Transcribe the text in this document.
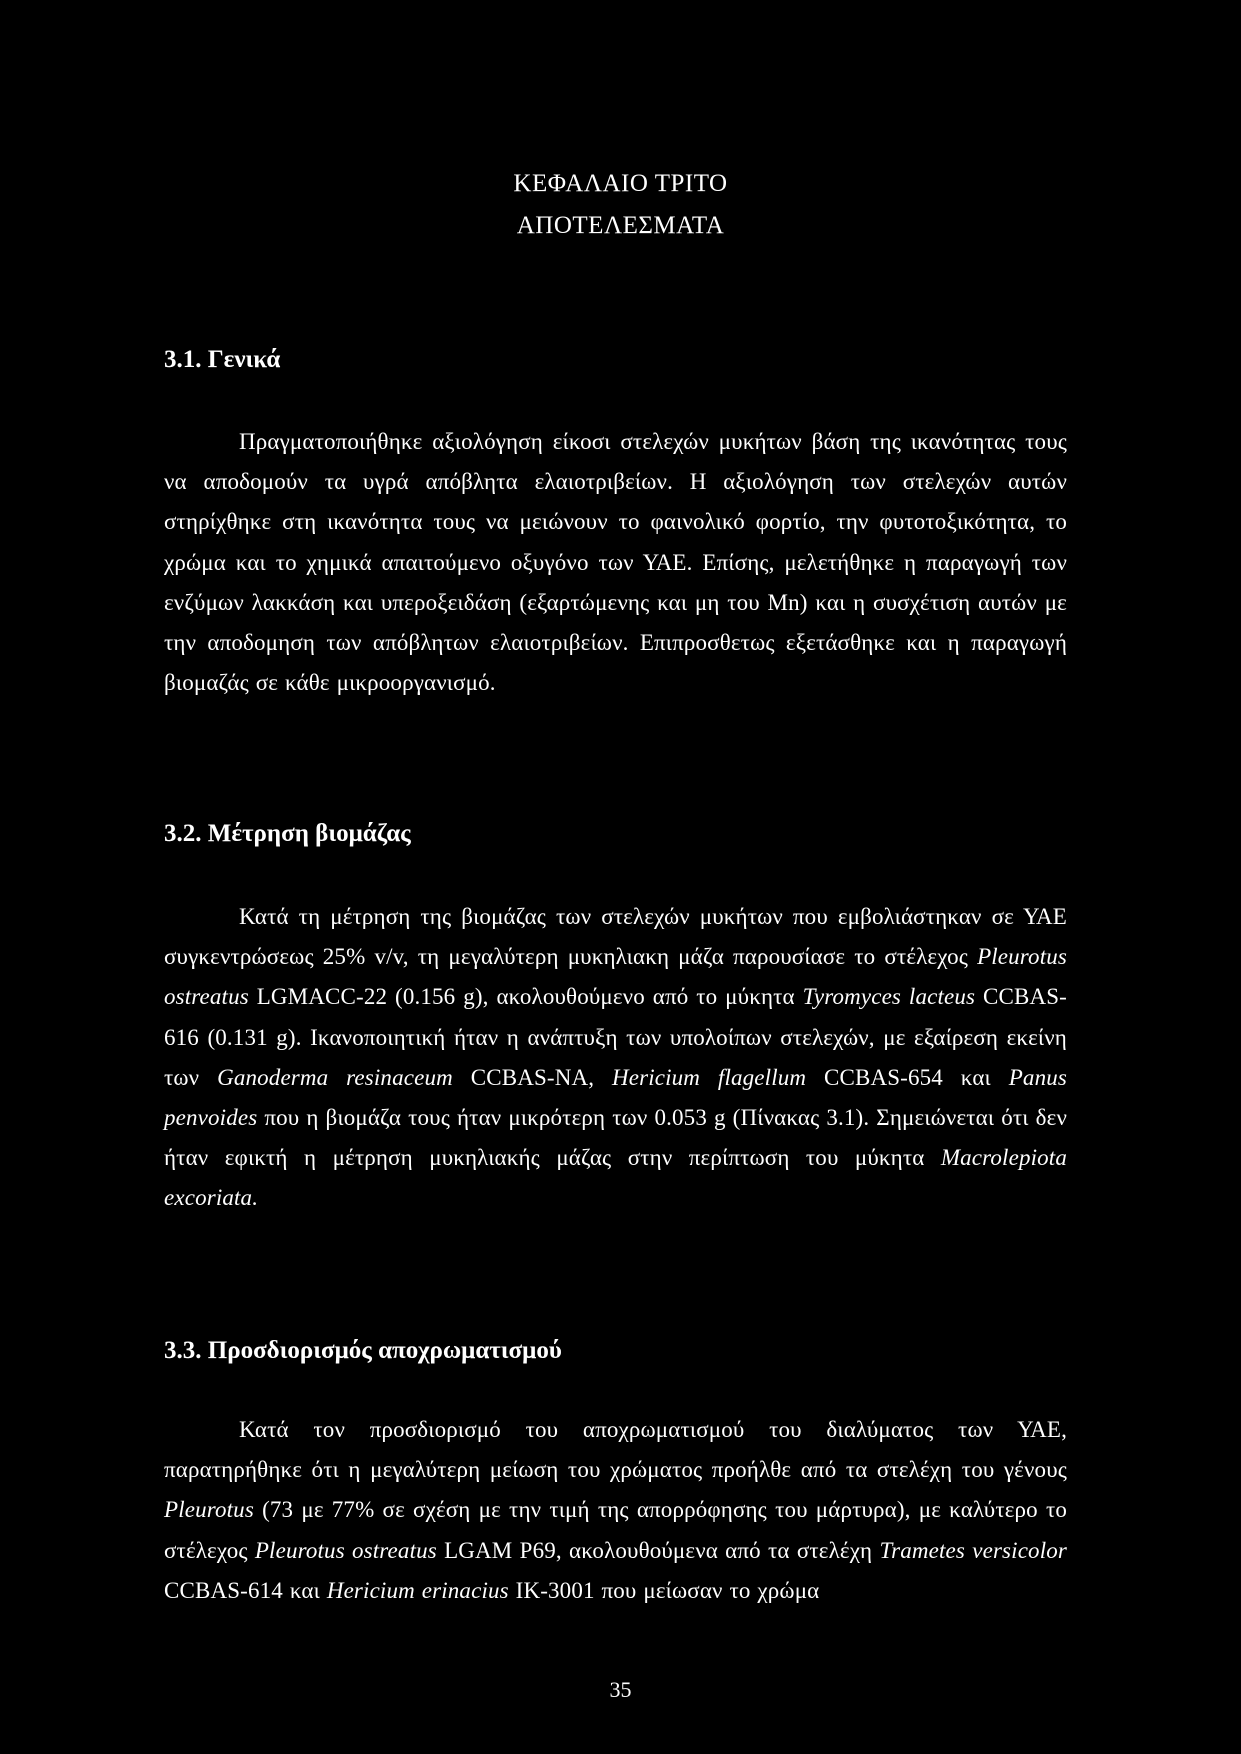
ΚΕΦΑΛΑΙΟ ΤΡΙΤΟ
ΑΠΟΤΕΛΕΣΜΑΤΑ
3.1. Γενικά

Πραγματοποιήθηκε αξιολόγηση είκοσι στελεχών μυκήτων βάση της ικανότητας τους να αποδομούν τα υγρά απόβλητα ελαιοτριβείων. Η αξιολόγηση των στελεχών αυτών στηρίχθηκε στη ικανότητα τους να μειώνουν το φαινολικό φορτίο, την φυτοτοξικότητα, το χρώμα και το χημικά απαιτούμενο οξυγόνο των ΥΑΕ. Επίσης, μελετήθηκε η παραγωγή των ενζύμων λακκάση και υπεροξειδάση (εξαρτώμενης και μη του Mn) και η συσχέτιση αυτών με την αποδομηση των απόβλητων ελαιοτριβείων. Επιπροσθετως εξετάσθηκε και η παραγωγή βιομαζάς σε κάθε μικροοργανισμό.

3.2. Μέτρηση βιομάζας

Κατά τη μέτρηση της βιομάζας των στελεχών μυκήτων που εμβολιάστηκαν σε ΥΑΕ συγκεντρώσεως 25% v/v, τη μεγαλύτερη μυκηλιακη μάζα παρουσίασε το στέλεχος Pleurotus ostreatus LGMACC-22 (0.156 g), ακολουθούμενο από το μύκητα Tyromyces lacteus CCBAS-616 (0.131 g). Ικανοποιητική ήταν η ανάπτυξη των υπολοίπων στελεχών, με εξαίρεση εκείνη των Ganoderma resinaceum CCBAS-NA, Hericium flagellum CCBAS-654 και Panus penvoides που η βιομάζα τους ήταν μικρότερη των 0.053 g (Πίνακας 3.1). Σημειώνεται ότι δεν ήταν εφικτή η μέτρηση μυκηλιακής μάζας στην περίπτωση του μύκητα Macrolepiota excoriata.

3.3. Προσδιορισμός αποχρωματισμού

Κατά τον προσδιορισμό του αποχρωματισμού του διαλύματος των ΥΑΕ, παρατηρήθηκε ότι η μεγαλύτερη μείωση του χρώματος προήλθε από τα στελέχη του γένους Pleurotus (73 με 77% σε σχέση με την τιμή της απορρόφησης του μάρτυρα), με καλύτερο το στέλεχος Pleurotus ostreatus LGAM P69, ακολουθούμενα από τα στελέχη Trametes versicolor CCBAS-614 και Hericium erinacius IK-3001 που μείωσαν το χρώμα

35
